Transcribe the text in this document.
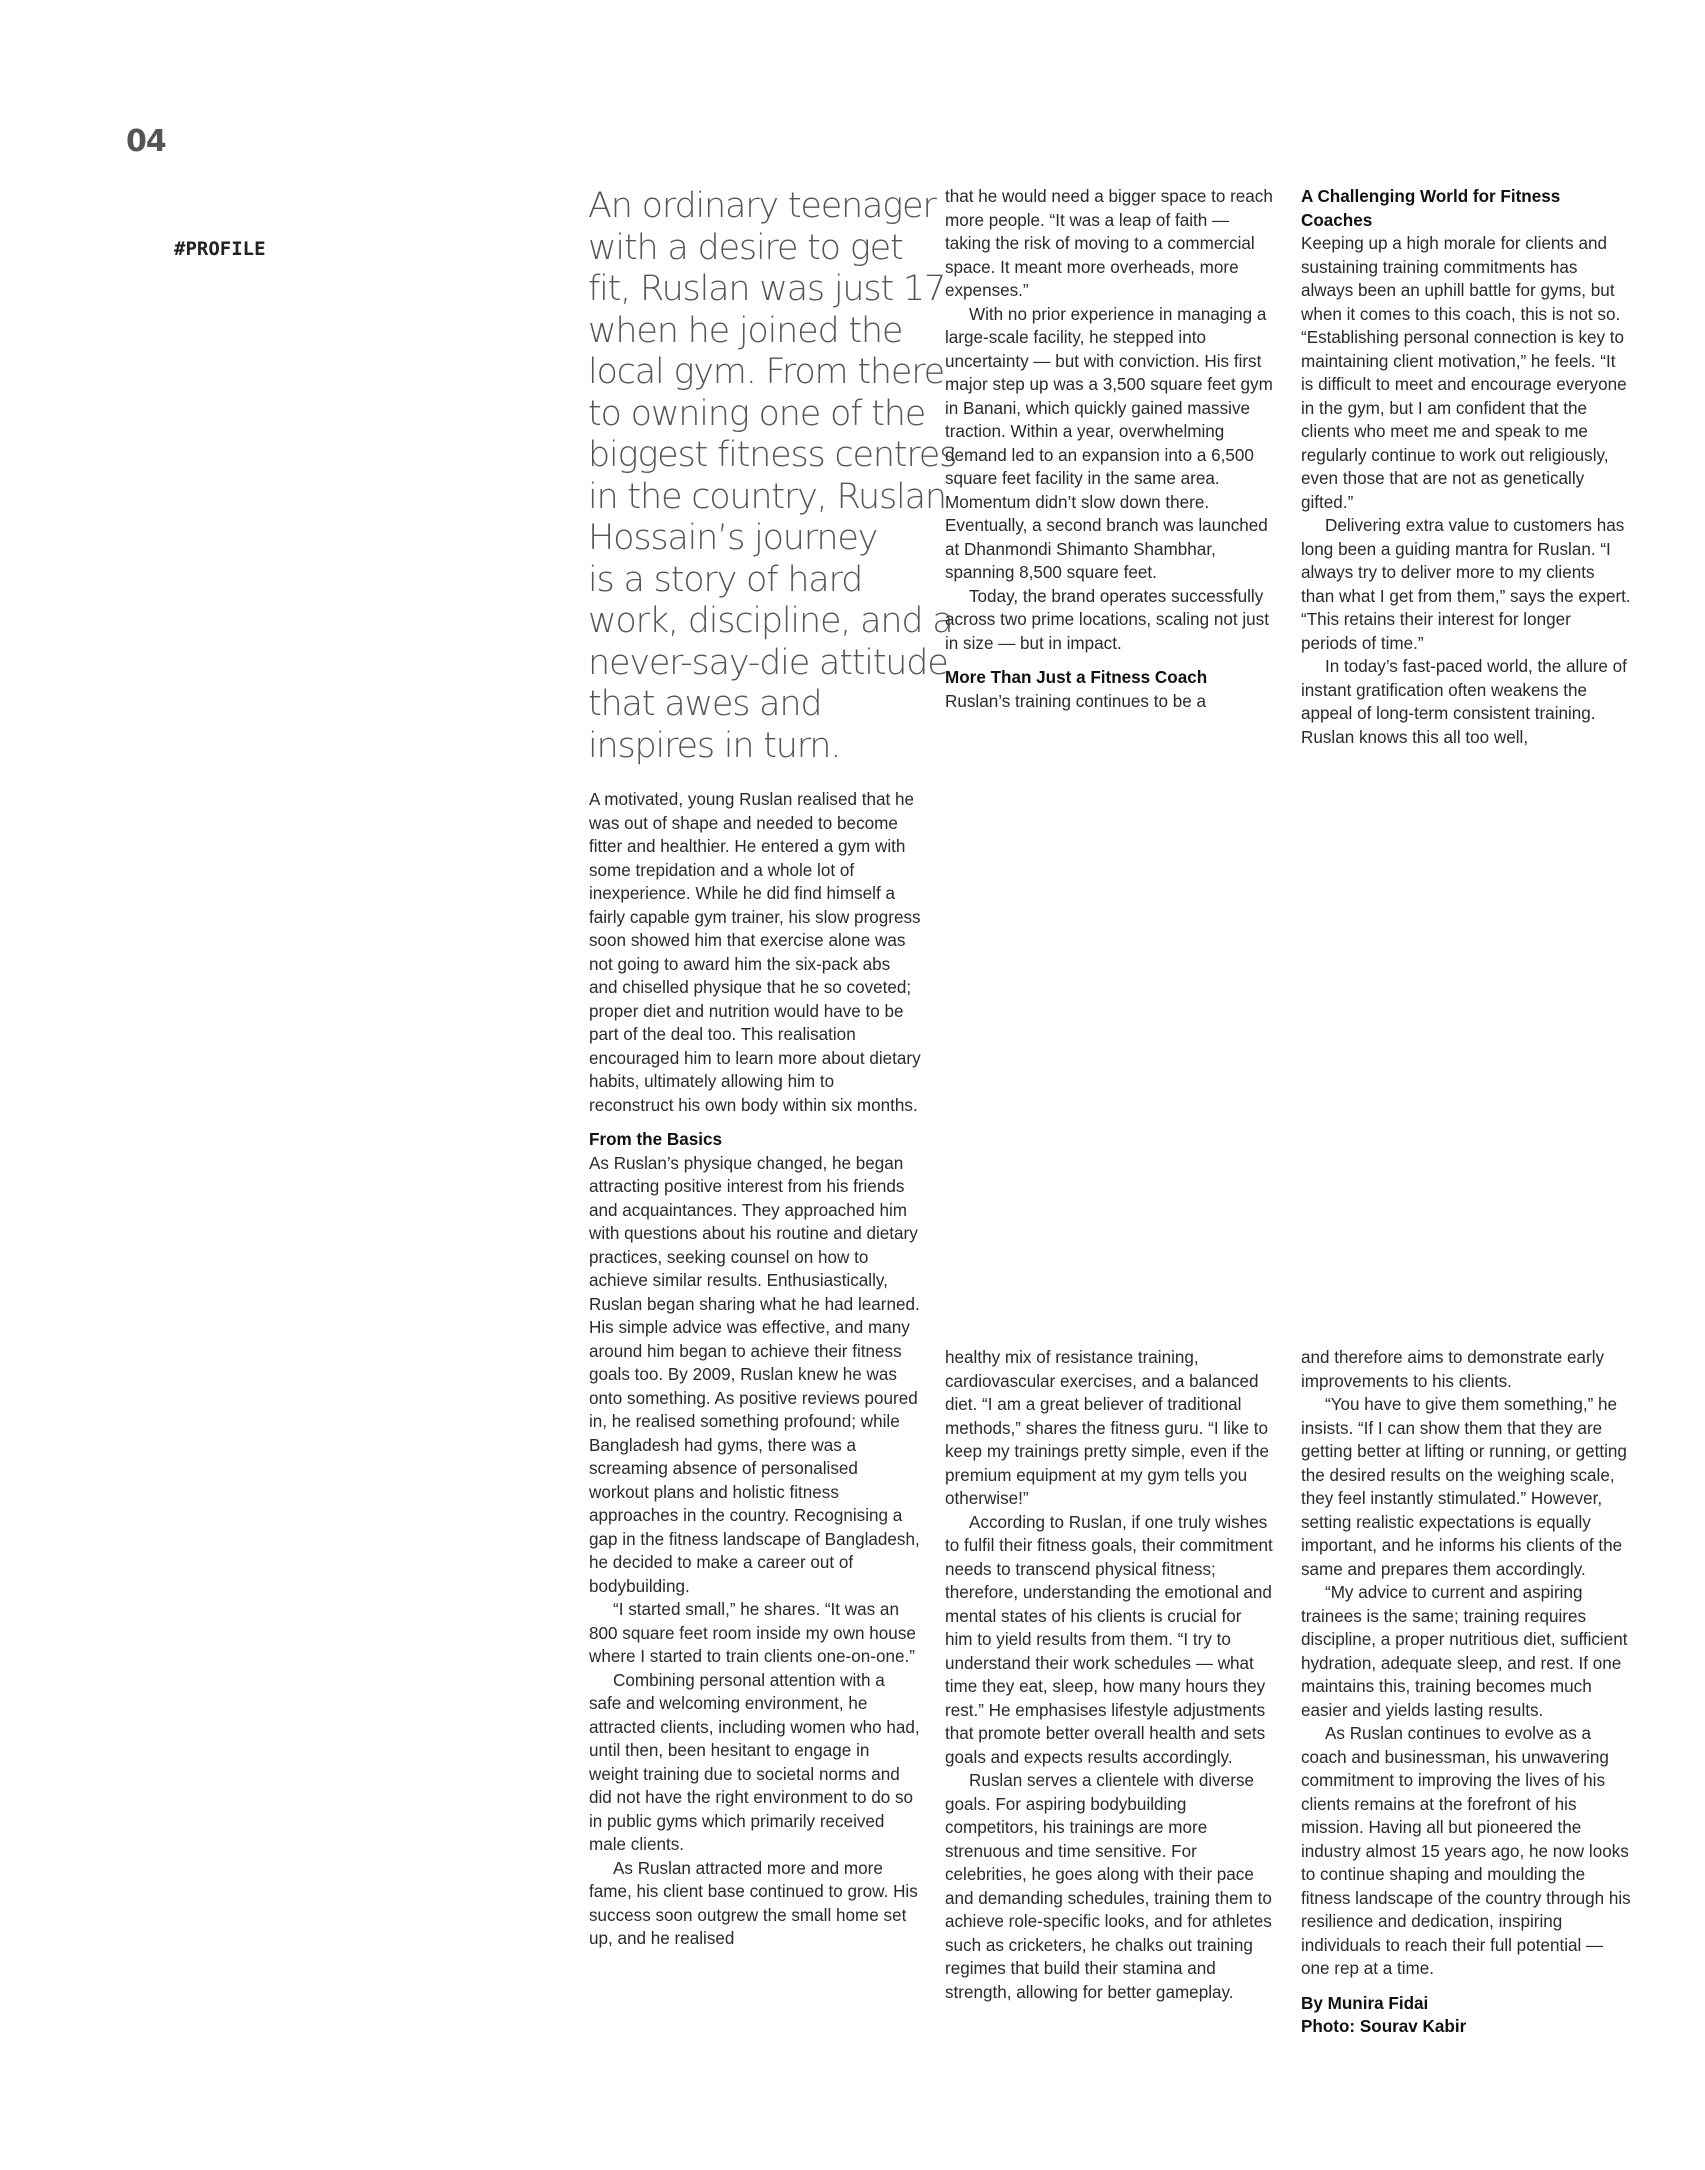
04
#PROFILE
An ordinary teenager
with a desire to get
fit, Ruslan was just 17
when he joined the
local gym. From there
to owning one of the
biggest fitness centres
in the country, Ruslan
Hossain’s journey
is a story of hard
work, discipline, and a
never-say-die attitude
that awes and
inspires in turn.

A motivated, young Ruslan realised that he was out of shape and needed to become fitter and healthier. He entered a gym with some trepidation and a whole lot of inexperience. While he did find himself a fairly capable gym trainer, his slow progress soon showed him that exercise alone was not going to award him the six-pack abs and chiselled physique that he so coveted; proper diet and nutrition would have to be part of the deal too. This realisation encouraged him to learn more about dietary habits, ultimately allowing him to reconstruct his own body within six months.

From the Basics

As Ruslan’s physique changed, he began attracting positive interest from his friends and acquaintances. They approached him with questions about his routine and dietary practices, seeking counsel on how to achieve similar results. Enthusiastically, Ruslan began sharing what he had learned. His simple advice was effective, and many around him began to achieve their fitness goals too. By 2009, Ruslan knew he was onto something. As positive reviews poured in, he realised something profound; while Bangladesh had gyms, there was a screaming absence of personalised workout plans and holistic fitness approaches in the country. Recognising a gap in the fitness landscape of Bangladesh, he decided to make a career out of bodybuilding.

“I started small,” he shares. “It was an 800 square feet room inside my own house where I started to train clients one-on-one.”

Combining personal attention with a safe and welcoming environment, he attracted clients, including women who had, until then, been hesitant to engage in weight training due to societal norms and did not have the right environment to do so in public gyms which primarily received male clients.

As Ruslan attracted more and more fame, his client base continued to grow. His success soon outgrew the small home set up, and he realised

that he would need a bigger space to reach more people. “It was a leap of faith — taking the risk of moving to a commercial space. It meant more overheads, more expenses.”

With no prior experience in managing a large-scale facility, he stepped into uncertainty — but with conviction. His first major step up was a 3,500 square feet gym in Banani, which quickly gained massive traction. Within a year, overwhelming demand led to an expansion into a 6,500 square feet facility in the same area. Momentum didn’t slow down there. Eventually, a second branch was launched at Dhanmondi Shimanto Shambhar, spanning 8,500 square feet.

Today, the brand operates successfully across two prime locations, scaling not just in size — but in impact.

More Than Just a Fitness Coach

Ruslan’s training continues to be a

healthy mix of resistance training, cardiovascular exercises, and a balanced diet. “I am a great believer of traditional methods,” shares the fitness guru. “I like to keep my trainings pretty simple, even if the premium equipment at my gym tells you otherwise!”

According to Ruslan, if one truly wishes to fulfil their fitness goals, their commitment needs to transcend physical fitness; therefore, understanding the emotional and mental states of his clients is crucial for him to yield results from them. “I try to understand their work schedules — what time they eat, sleep, how many hours they rest.” He emphasises lifestyle adjustments that promote better overall health and sets goals and expects results accordingly.

Ruslan serves a clientele with diverse goals. For aspiring bodybuilding competitors, his trainings are more strenuous and time sensitive. For celebrities, he goes along with their pace and demanding schedules, training them to achieve role-specific looks, and for athletes such as cricketers, he chalks out training regimes that build their stamina and strength, allowing for better gameplay.

A Challenging World for Fitness Coaches

Keeping up a high morale for clients and sustaining training commitments has always been an uphill battle for gyms, but when it comes to this coach, this is not so. “Establishing personal connection is key to maintaining client motivation,” he feels. “It is difficult to meet and encourage everyone in the gym, but I am confident that the clients who meet me and speak to me regularly continue to work out religiously, even those that are not as genetically gifted.”

Delivering extra value to customers has long been a guiding mantra for Ruslan. “I always try to deliver more to my clients than what I get from them,” says the expert. “This retains their interest for longer periods of time.”

In today’s fast-paced world, the allure of instant gratification often weakens the appeal of long-term consistent training. Ruslan knows this all too well,

and therefore aims to demonstrate early improvements to his clients.

“You have to give them something,” he insists. “If I can show them that they are getting better at lifting or running, or getting the desired results on the weighing scale, they feel instantly stimulated.” However, setting realistic expectations is equally important, and he informs his clients of the same and prepares them accordingly.

“My advice to current and aspiring trainees is the same; training requires discipline, a proper nutritious diet, sufficient hydration, adequate sleep, and rest. If one maintains this, training becomes much easier and yields lasting results.

As Ruslan continues to evolve as a coach and businessman, his unwavering commitment to improving the lives of his clients remains at the forefront of his mission. Having all but pioneered the industry almost 15 years ago, he now looks to continue shaping and moulding the fitness landscape of the country through his resilience and dedication, inspiring individuals to reach their full potential — one rep at a time.

By Munira Fidai
Photo: Sourav Kabir
